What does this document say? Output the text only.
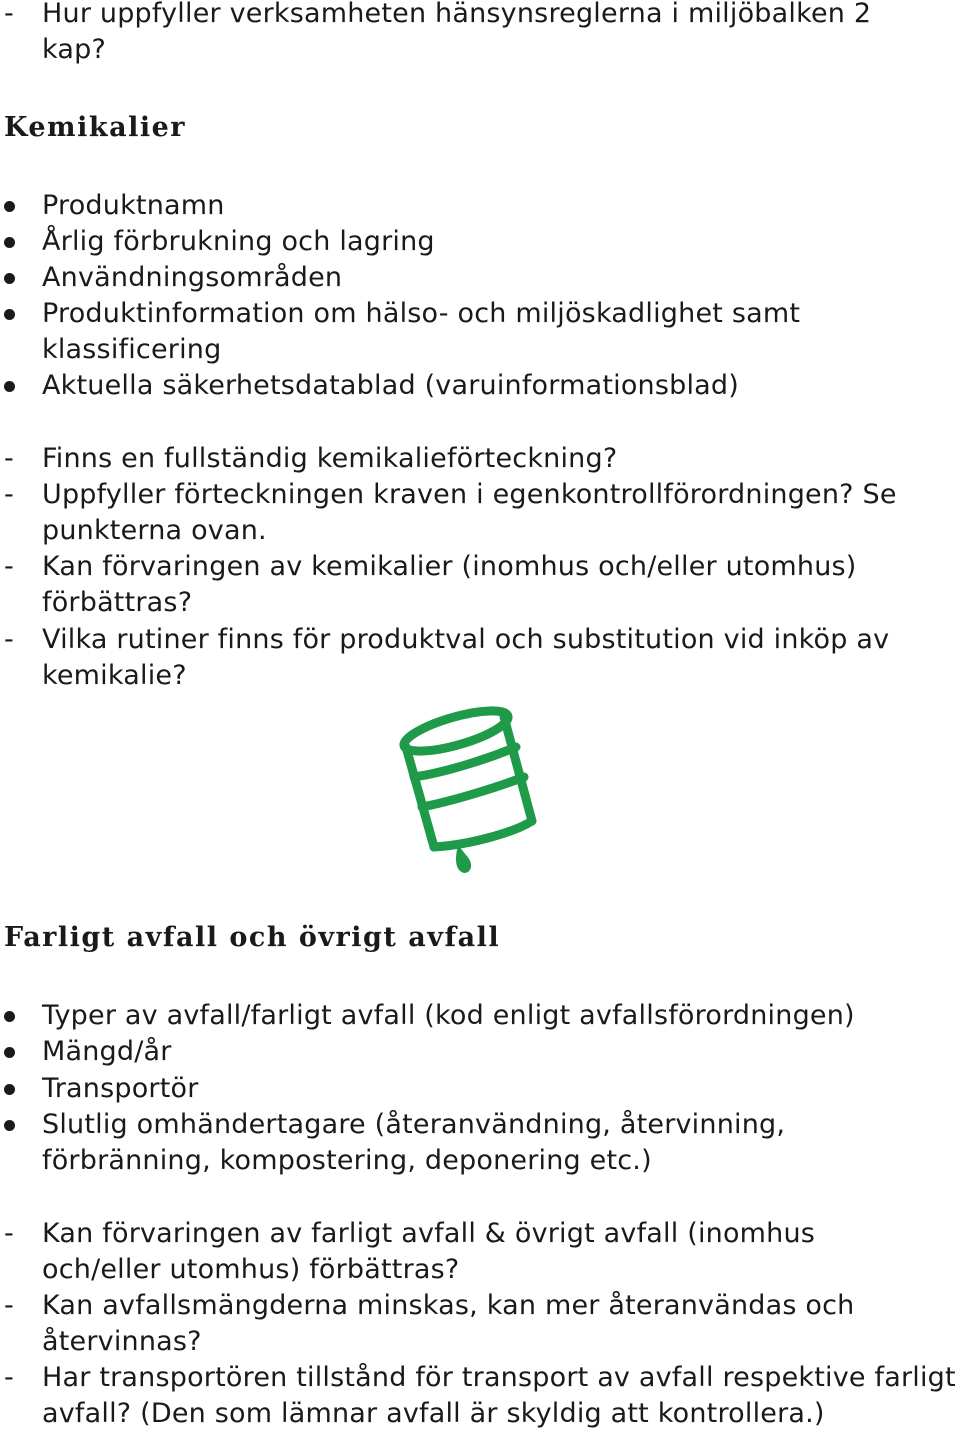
-	Hur uppfyller verksamheten hänsynsreglerna i miljöbalken 2
kap?
Kemikalier
Produktnamn
Årlig förbrukning och lagring
Användningsområden
Produktinformation om hälso- och miljöskadlighet samt
klassificering
Aktuella säkerhetsdatablad (varuinformationsblad)
-	Finns en fullständig kemikalieförteckning?
-	Uppfyller förteckningen kraven i egenkontrollförordningen? Se
punkterna ovan.
-	Kan förvaringen av kemikalier (inomhus och/eller utomhus)
förbättras?
-	Vilka rutiner finns för produktval och substitution vid inköp av
kemikalie?
Farligt avfall och övrigt avfall
Typer av avfall/farligt avfall (kod enligt avfallsförordningen)
Mängd/år
Transportör
Slutlig omhändertagare (återanvändning, återvinning,
förbränning, kompostering, deponering etc.)
-	Kan förvaringen av farligt avfall & övrigt avfall (inomhus
och/eller utomhus) förbättras?
-	Kan avfallsmängderna minskas, kan mer återanvändas och
återvinnas?
-	Har transportören tillstånd för transport av avfall respektive farligt
avfall? (Den som lämnar avfall är skyldig att kontrollera.)
